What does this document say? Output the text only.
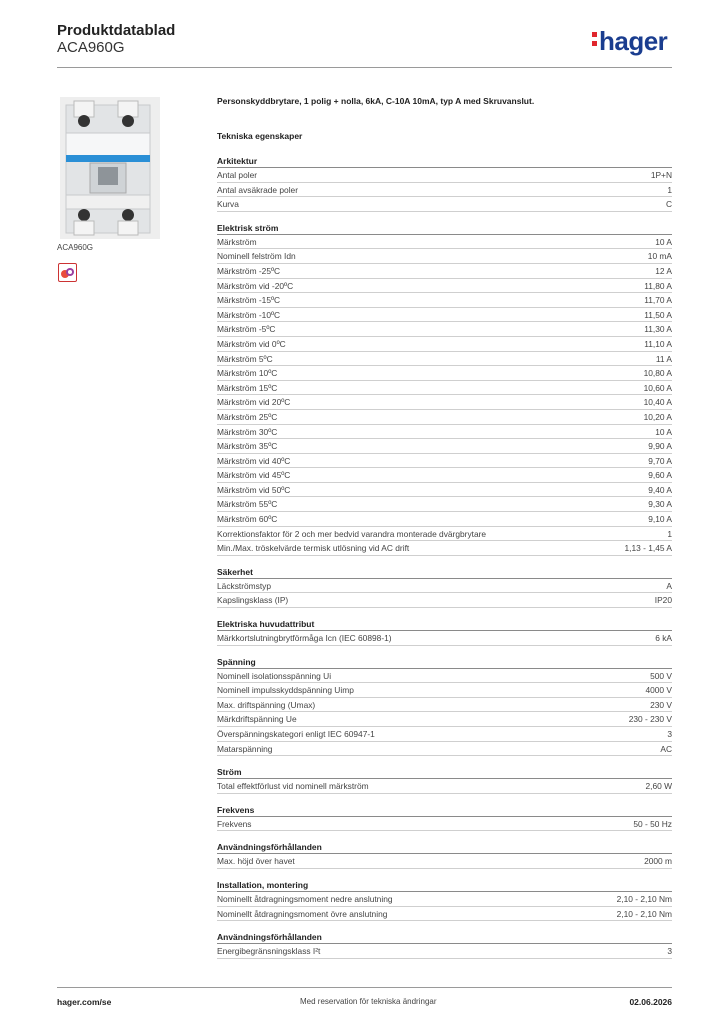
Produktdatablad
ACA960G	hager
ACA960G
Personskyddbrytare, 1 polig + nolla, 6kA, C-10A 10mA, typ A med Skruvanslut.
Tekniska egenskaper
Arkitektur
Antal poler	1P+N
Antal avsäkrade poler	1
Kurva	C
Elektrisk ström
Märkström	10 A
Nominell felström Idn	10 mA
Märkström -25ºC	12 A
Märkström vid -20ºC	11,80 A
Märkström -15ºC	11,70 A
Märkström -10ºC	11,50 A
Märkström -5ºC	11,30 A
Märkström vid 0ºC	11,10 A
Märkström 5ºC	11 A
Märkström 10ºC	10,80 A
Märkström 15ºC	10,60 A
Märkström vid 20ºC	10,40 A
Märkström 25ºC	10,20 A
Märkström 30ºC	10 A
Märkström 35ºC	9,90 A
Märkström vid 40ºC	9,70 A
Märkström vid 45ºC	9,60 A
Märkström vid 50ºC	9,40 A
Märkström 55ºC	9,30 A
Märkström 60ºC	9,10 A
Korrektionsfaktor för 2 och mer bedvid varandra monterade dvärgbrytare	1
Min./Max. tröskelvärde termisk utlösning vid AC drift	1,13 - 1,45 A
Säkerhet
Läckströmstyp	A
Kapslingsklass (IP)	IP20
Elektriska huvudattribut
Märkkortslutningbrytförmåga Icn (IEC 60898-1)	6 kA
Spänning
Nominell isolationsspänning Ui	500 V
Nominell impulsskyddspänning Uimp	4000 V
Max. driftspänning (Umax)	230 V
Märkdriftspänning Ue	230 - 230 V
Överspänningskategori enligt IEC 60947-1	3
Matarspänning	AC
Ström
Total effektförlust vid nominell märkström	2,60 W
Frekvens
Frekvens	50 - 50 Hz
Användningsförhållanden
Max. höjd över havet	2000 m
Installation, montering
Nominellt åtdragningsmoment nedre anslutning	2,10 - 2,10 Nm
Nominellt åtdragningsmoment övre anslutning	2,10 - 2,10 Nm
Användningsförhållanden
Energibegränsningsklass I²t	3
hager.com/se	Med reservation för tekniska ändringar	02.06.2026
